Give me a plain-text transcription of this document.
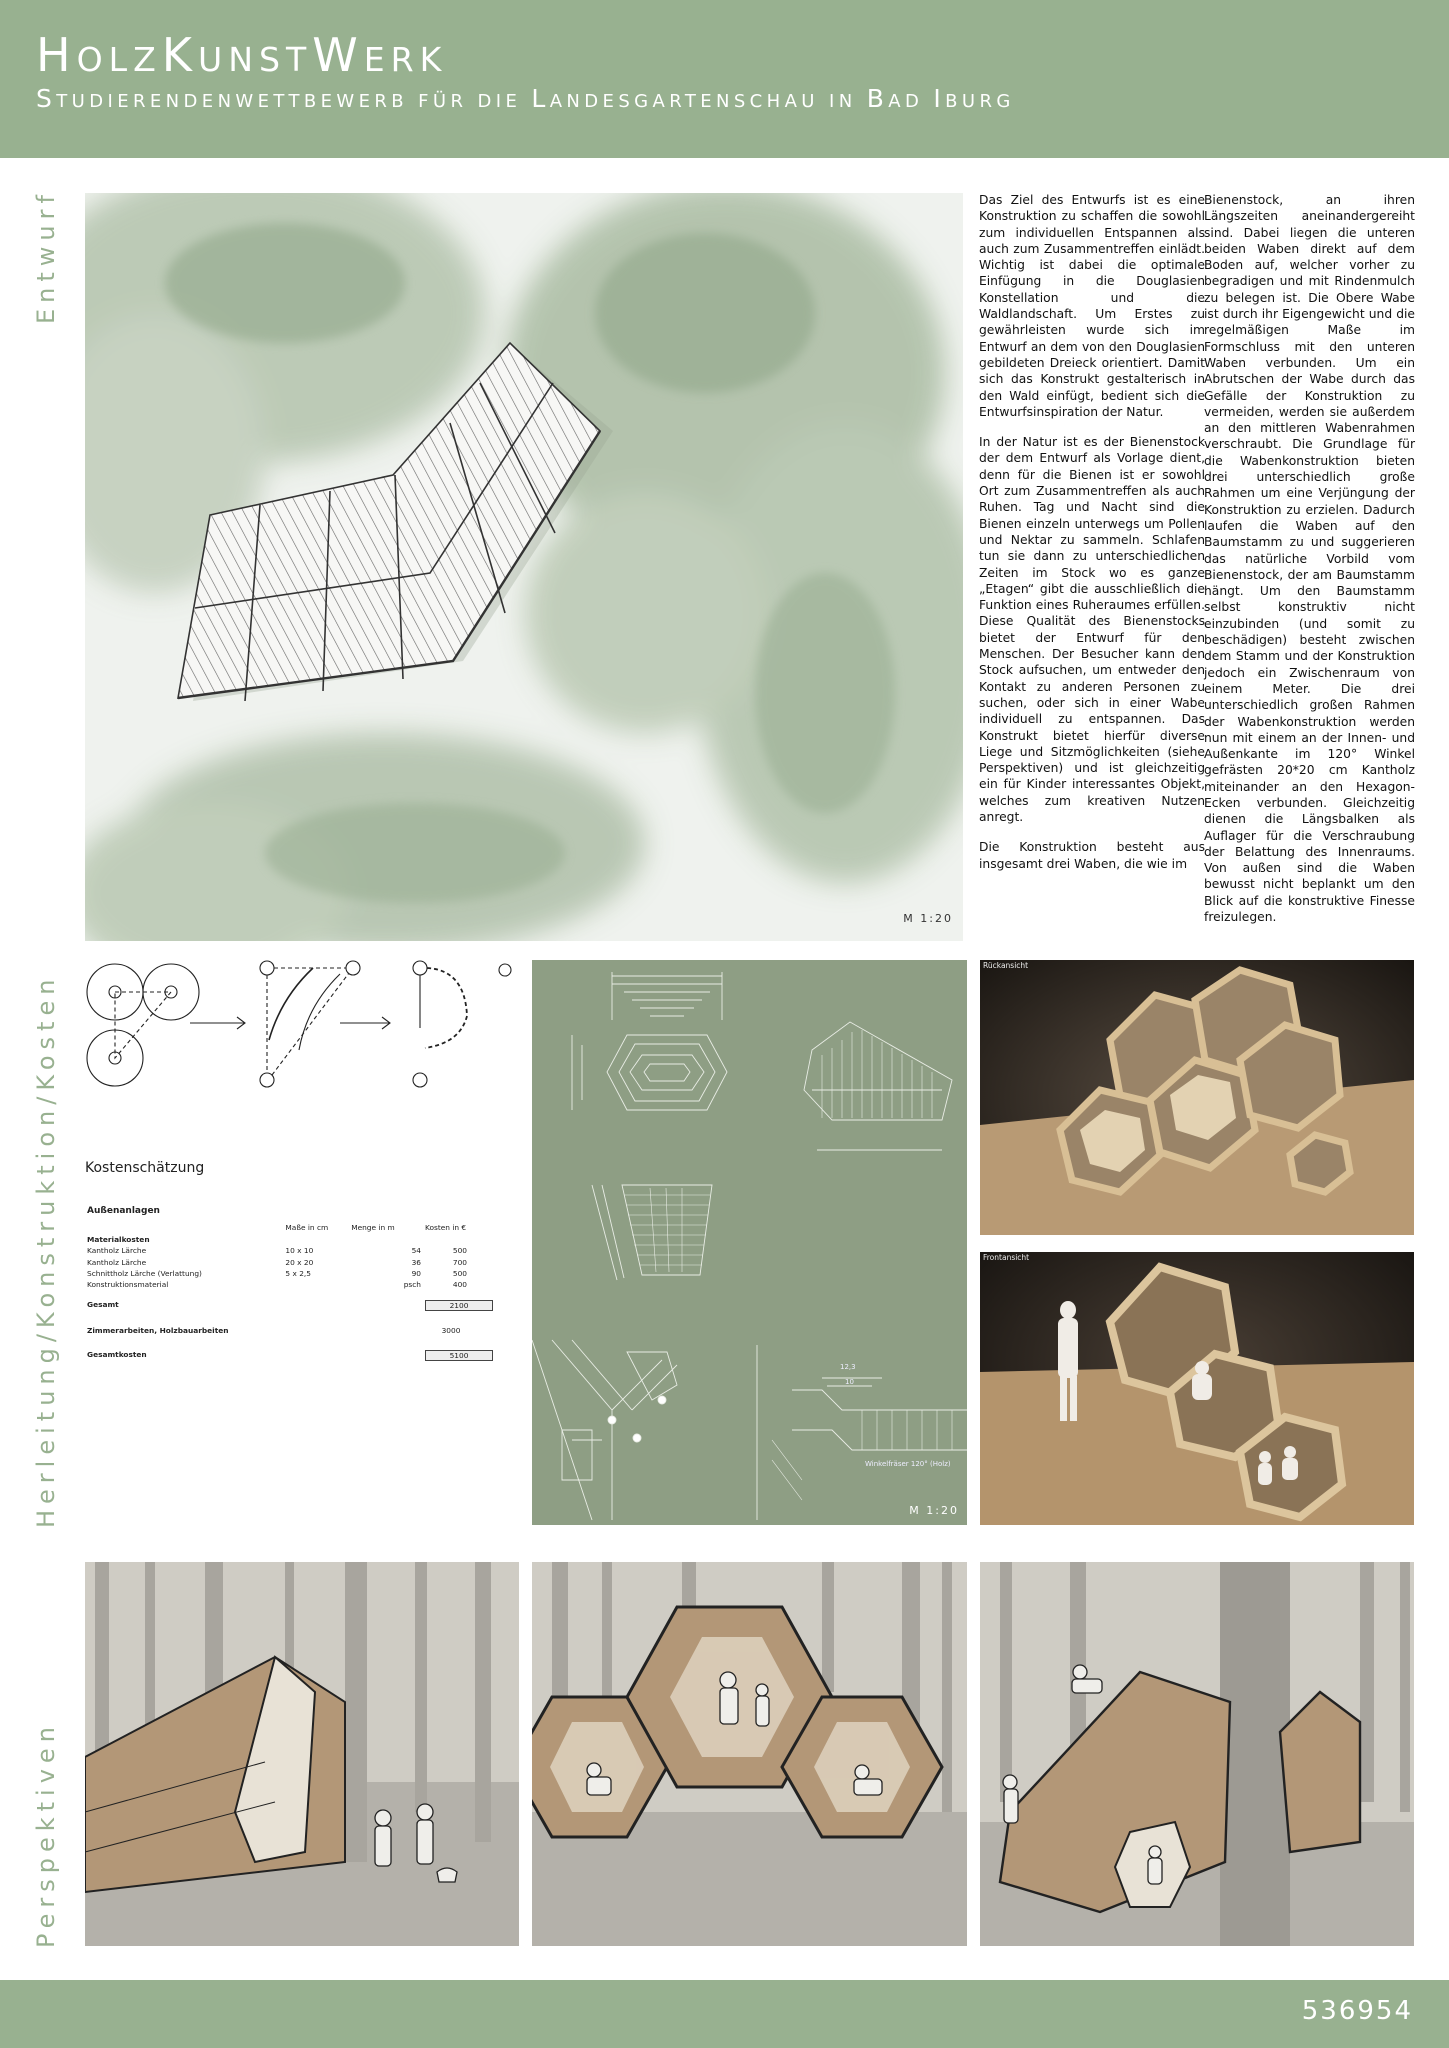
HOLZKUNSTWERK
STUDIERENDENWETTBEWERB FÜR DIE LANDESGARTENSCHAU IN BAD IBURG
Entwurf
Herleitung/Konstruktion/Kosten
Perspektiven
M 1:20

Das Ziel des Entwurfs ist es eine Konstruktion zu schaffen die sowohl zum individuellen Entspannen als auch zum Zusammentreffen einlädt. Wichtig ist dabei die optimale Einfügung in die Douglasien Konstellation und die Waldlandschaft. Um Erstes zu gewährleisten wurde sich im Entwurf an dem von den Douglasien gebildeten Dreieck orientiert. Damit sich das Konstrukt gestalterisch in den Wald einfügt, bedient sich die Entwurfsinspiration der Natur.

In der Natur ist es der Bienenstock der dem Entwurf als Vorlage dient, denn für die Bienen ist er sowohl Ort zum Zusammentreffen als auch Ruhen. Tag und Nacht sind die Bienen einzeln unterwegs um Pollen und Nektar zu sammeln. Schlafen tun sie dann zu unterschiedlichen Zeiten im Stock wo es ganze „Etagen“ gibt die ausschließlich die Funktion eines Ruheraumes erfüllen. Diese Qualität des Bienenstocks bietet der Entwurf für den Menschen. Der Besucher kann den Stock aufsuchen, um entweder den Kontakt zu anderen Personen zu suchen, oder sich in einer Wabe individuell zu entspannen. Das Konstrukt bietet hierfür diverse Liege und Sitzmöglichkeiten (siehe Perspektiven) und ist gleichzeitig ein für Kinder interessantes Objekt, welches zum kreativen Nutzen anregt.

Die Konstruktion besteht aus insgesamt drei Waben, die wie im

Bienenstock, an ihren Längszeiten aneinandergereiht sind. Dabei liegen die unteren beiden Waben direkt auf dem Boden auf, welcher vorher zu begradigen und mit Rindenmulch zu belegen ist. Die Obere Wabe ist durch ihr Eigengewicht und die regelmäßigen Maße im Formschluss mit den unteren Waben verbunden. Um ein Abrutschen der Wabe durch das Gefälle der Konstruktion zu vermeiden, werden sie außerdem an den mittleren Wabenrahmen verschraubt. Die Grundlage für die Wabenkonstruktion bieten drei unterschiedlich große Rahmen um eine Verjüngung der Konstruktion zu erzielen. Dadurch laufen die Waben auf den Baumstamm zu und suggerieren das natürliche Vorbild vom Bienenstock, der am Baumstamm hängt. Um den Baumstamm selbst konstruktiv nicht einzubinden (und somit zu beschädigen) besteht zwischen dem Stamm und der Konstruktion jedoch ein Zwischenraum von einem Meter. Die drei unterschiedlich großen Rahmen der Wabenkonstruktion werden nun mit einem an der Innen- und Außenkante im 120° Winkel gefrästen 20*20 cm Kantholz miteinander an den Hexagon-Ecken verbunden. Gleichzeitig dienen die Längsbalken als Auflager für die Verschraubung der Belattung des Innenraums. Von außen sind die Waben bewusst nicht beplankt um den Blick auf die konstruktive Finesse freizulegen.

Kostenschätzung
Außenanlagen			
	Maße in cm	Menge in m	Kosten in €
Materialkosten			
Kantholz Lärche	10 x 10	54	500
Kantholz Lärche	20 x 20	36	700
Schnittholz Lärche (Verlattung)	5 x 2,5	90	500
Konstruktionsmaterial		psch	400

Gesamt			2100

Zimmerarbeiten, Holzbauarbeiten			3000

Gesamtkosten			5100
12,3
10
Winkelfräser 120° (Holz)
M 1:20
Rückansicht
Frontansicht
536954
